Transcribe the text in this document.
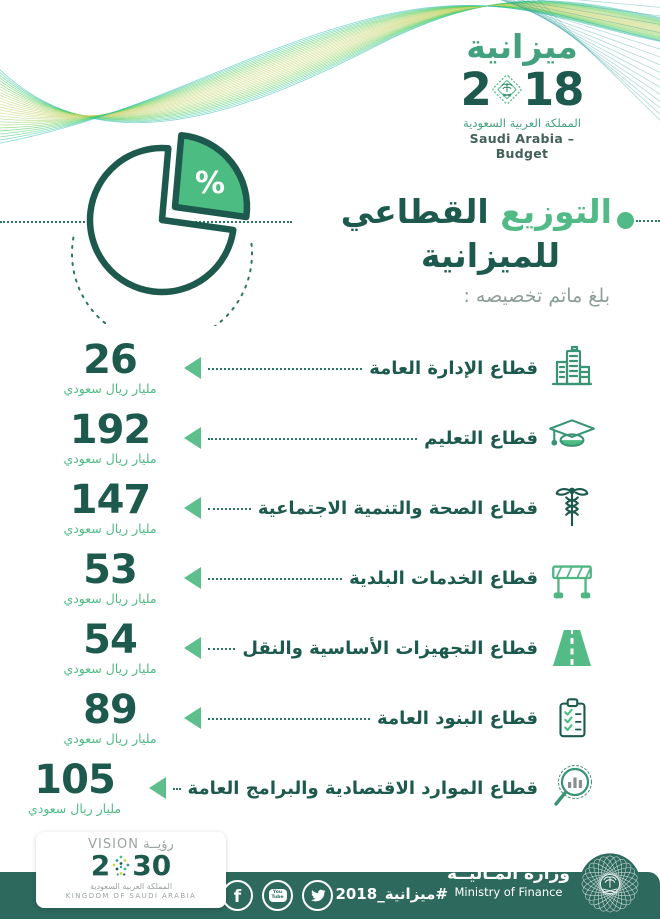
ميزانية
2 18
المملكة العربية السعودية
Saudi Arabia – Budget
%
التوزيع القطاعي
للميزانية
بلغ ماتم تخصيصه :
قطاع الإدارة العامة
26
مليار ريال سعودي
قطاع التعليم
192
مليار ريال سعودي
قطاع الصحة والتنمية الاجتماعية
147
مليار ريال سعودي
قطاع الخدمات البلدية
53
مليار ريال سعودي
قطاع التجهيزات الأساسية والنقل
54
مليار ريال سعودي
قطاع البنود العامة
89
مليار ريال سعودي
قطاع الموارد الاقتصادية والبرامج العامة
105
مليار ريال سعودي
رؤيــة VISION
2 30
المملكة العربية السعودية
KINGDOM OF SAUDI ARABIA	f	You
Tube	#ميزانية_2018
وزارة المـاليــة
Ministry of Finance
